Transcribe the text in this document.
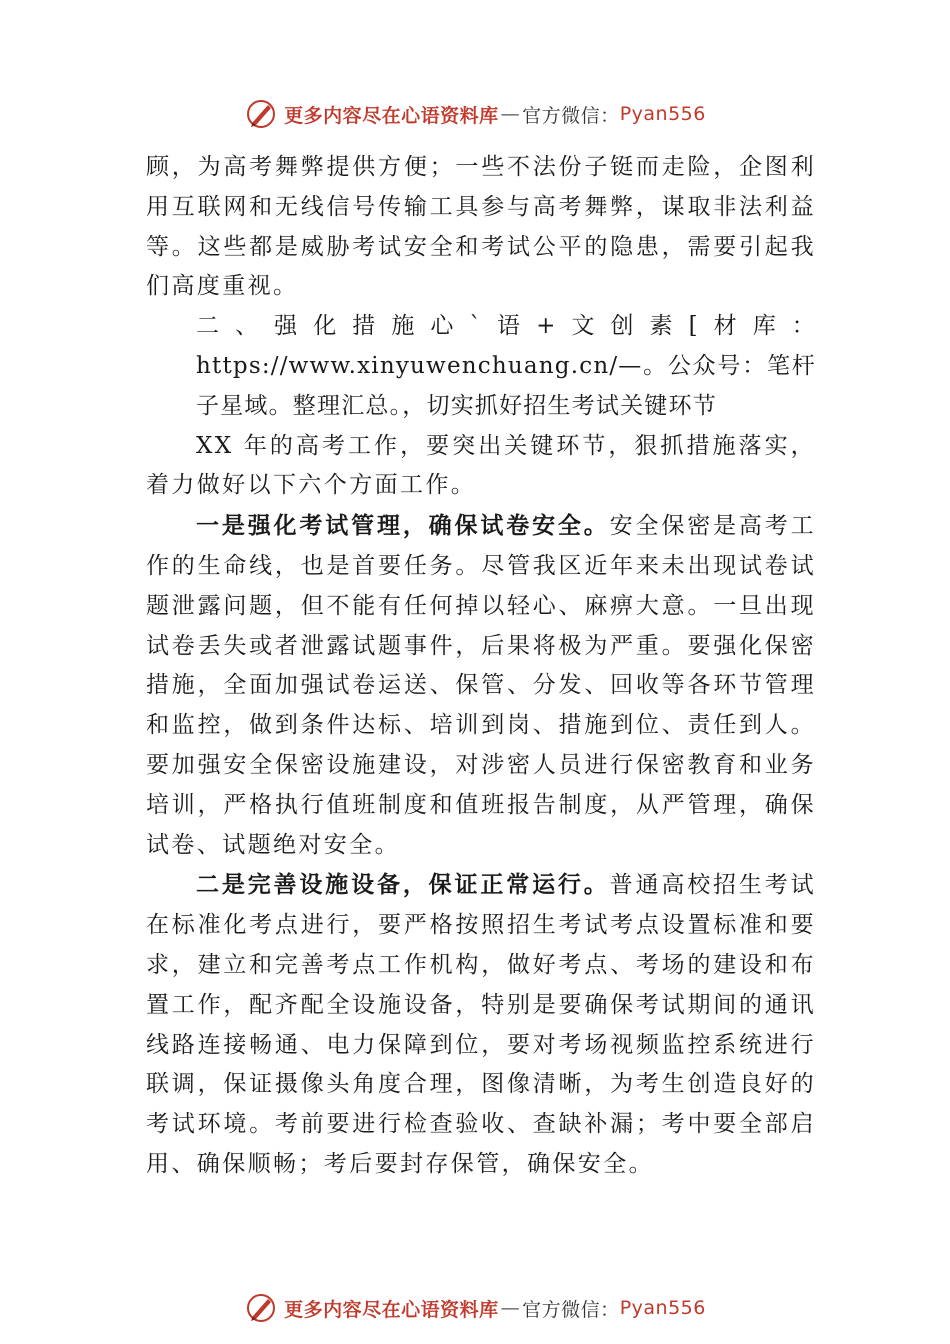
更多内容尽在心语资料库 — 官方微信： Pyan556

顾，为高考舞弊提供方便；一些不法份子铤而走险，企图利用互联网和无线信号传输工具参与高考舞弊，谋取非法利益等。这些都是威胁考试安全和考试公平的隐患，需要引起我们高度重视。

二、强化措施心`语+文创素[材库：https://www.xinyuwenchuang.cn/—。公众号：笔杆子星域。整理汇总。，切实抓好招生考试关键环节

XX 年的高考工作，要突出关键环节，狠抓措施落实，着力做好以下六个方面工作。

一是强化考试管理，确保试卷安全。安全保密是高考工作的生命线，也是首要任务。尽管我区近年来未出现试卷试题泄露问题，但不能有任何掉以轻心、麻痹大意。一旦出现试卷丢失或者泄露试题事件，后果将极为严重。要强化保密措施，全面加强试卷运送、保管、分发、回收等各环节管理和监控，做到条件达标、培训到岗、措施到位、责任到人。 要加强安全保密设施建设，对涉密人员进行保密教育和业务培训，严格执行值班制度和值班报告制度，从严管理，确保试卷、试题绝对安全。

二是完善设施设备，保证正常运行。普通高校招生考试在标准化考点进行，要严格按照招生考试考点设置标准和要求，建立和完善考点工作机构，做好考点、考场的建设和布置工作，配齐配全设施设备，特别是要确保考试期间的通讯线路连接畅通、电力保障到位，要对考场视频监控系统进行联调，保证摄像头角度合理，图像清晰，为考生创造良好的考试环境。考前要进行检查验收、查缺补漏；考中要全部启用、确保顺畅；考后要封存保管，确保安全。

更多内容尽在心语资料库 — 官方微信： Pyan556
